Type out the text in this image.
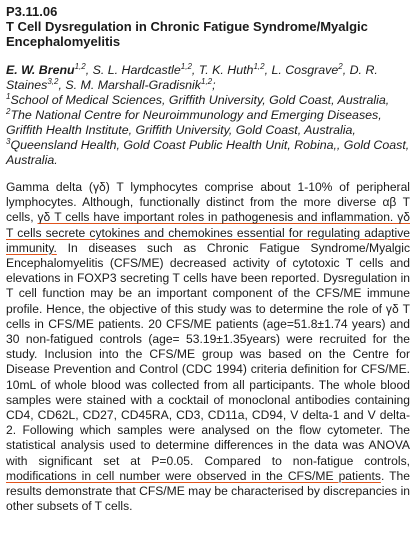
P3.11.06
T Cell Dysregulation in Chronic Fatigue Syndrome/Myalgic Encephalomyelitis
E. W. Brenu$^{1,2}$, S. L. Hardcastle$^{1,2}$, T. K. Huth$^{1,2}$, L. Cosgrave$^2$, D. R. Staines$^{3,2}$, S. M. Marshall-Gradisnik$^{1,2}$;
$^1$School of Medical Sciences, Griffith University, Gold Coast, Australia, $^2$The National Centre for Neuroimmunology and Emerging Diseases, Griffith Health Institute, Griffith University, Gold Coast, Australia, $^3$Queensland Health, Gold Coast Public Health Unit, Robina,, Gold Coast, Australia.
Gamma delta (γδ) T lymphocytes comprise about 1-10% of peripheral lymphocytes. Although, functionally distinct from the more diverse αβ T cells, γδ T cells have important roles in pathogenesis and inflammation. γδ T cells secrete cytokines and chemokines essential for regulating adaptive immunity. In diseases such as Chronic Fatigue Syndrome/Myalgic Encephalomyelitis (CFS/ME) decreased activity of cytotoxic T cells and elevations in FOXP3 secreting T cells have been reported. Dysregulation in T cell function may be an important component of the CFS/ME immune profile. Hence, the objective of this study was to determine the role of γδ T cells in CFS/ME patients. 20 CFS/ME patients (age=51.8±1.74 years) and 30 non-fatigued controls (age= 53.19±1.35years) were recruited for the study. Inclusion into the CFS/ME group was based on the Centre for Disease Prevention and Control (CDC 1994) criteria definition for CFS/ME. 10mL of whole blood was collected from all participants. The whole blood samples were stained with a cocktail of monoclonal antibodies containing CD4, CD62L, CD27, CD45RA, CD3, CD11a, CD94, V delta-1 and V delta-2. Following which samples were analysed on the flow cytometer. The statistical analysis used to determine differences in the data was ANOVA with significant set at P=0.05. Compared to non-fatigue controls, modifications in cell number were observed in the CFS/ME patients. The results demonstrate that CFS/ME may be characterised by discrepancies in other subsets of T cells.
